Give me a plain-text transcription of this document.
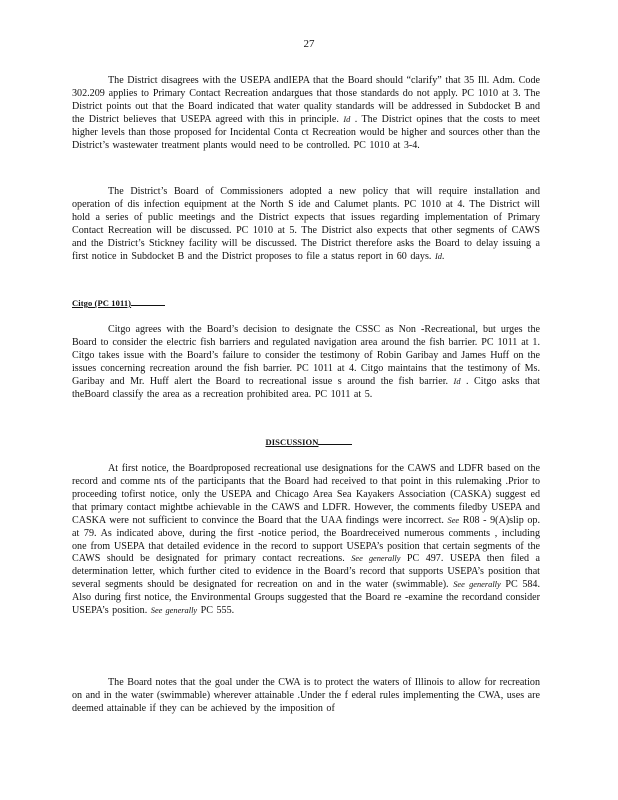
27

The District disagrees with the USEPA andIEPA that the Board should “clarify” that 35 Ill. Adm. Code 302.209 applies to Primary Contact Recreation andargues that those standards do not apply. PC 1010 at 3. The District points out that the Board indicated that water quality standards will be addressed in Subdocket B and the District believes that USEPA agreed with this in principle. Id . The District opines that the costs to meet higher levels than those proposed for Incidental Conta ct Recreation would be higher and sources other than the District’s wastewater treatment plants would need to be controlled. PC 1010 at 3-4.

The District’s Board of Commissioners adopted a new policy that will require installation and operation of dis infection equipment at the North S ide and Calumet plants. PC 1010 at 4. The District will hold a series of public meetings and the District expects that issues regarding implementation of Primary Contact Recreation will be discussed. PC 1010 at 5. The District also expects that other segments of CAWS and the District’s Stickney facility will be discussed. The District therefore asks the Board to delay issuing a first notice in Subdocket B and the District proposes to file a status report in 60 days. Id.

Citgo (PC 1011)

Citgo agrees with the Board’s decision to designate the CSSC as Non -Recreational, but urges the Board to consider the electric fish barriers and regulated navigation area around the fish barrier. PC 1011 at 1. Citgo takes issue with the Board’s failure to consider the testimony of Robin Garibay and James Huff on the issues concerning recreation around the fish barrier. PC 1011 at 4. Citgo maintains that the testimony of Ms. Garibay and Mr. Huff alert the Board to recreational issue s around the fish barrier. Id . Citgo asks that theBoard classify the area as a recreation prohibited area. PC 1011 at 5.

DISCUSSION

At first notice, the Boardproposed recreational use designations for the CAWS and LDFR based on the record and comme nts of the participants that the Board had received to that point in this rulemaking .Prior to proceeding tofirst notice, only the USEPA and Chicago Area Sea Kayakers Association (CASKA) suggest ed that primary contact mightbe achievable in the CAWS and LDFR. However, the comments filedby USEPA and CASKA were not sufficient to convince the Board that the UAA findings were incorrect. See R08 - 9(A)slip op. at 79. As indicated above, during the first -notice period, the Boardreceived numerous comments , including one from USEPA that detailed evidence in the record to support USEPA’s position that certain segments of the CAWS should be designated for primary contact recreations. See generally PC 497. USEPA then filed a determination letter, which further cited to evidence in the Board’s record that supports USEPA’s position that several segments should be designated for recreation on and in the water (swimmable). See generally PC 584. Also during first notice, the Environmental Groups suggested that the Board re -examine the recordand consider USEPA’s position. See generally PC 555.

The Board notes that the goal under the CWA is to protect the waters of Illinois to allow for recreation on and in the water (swimmable) wherever attainable .Under the f ederal rules implementing the CWA, uses are deemed attainable if they can be achieved by the imposition of
